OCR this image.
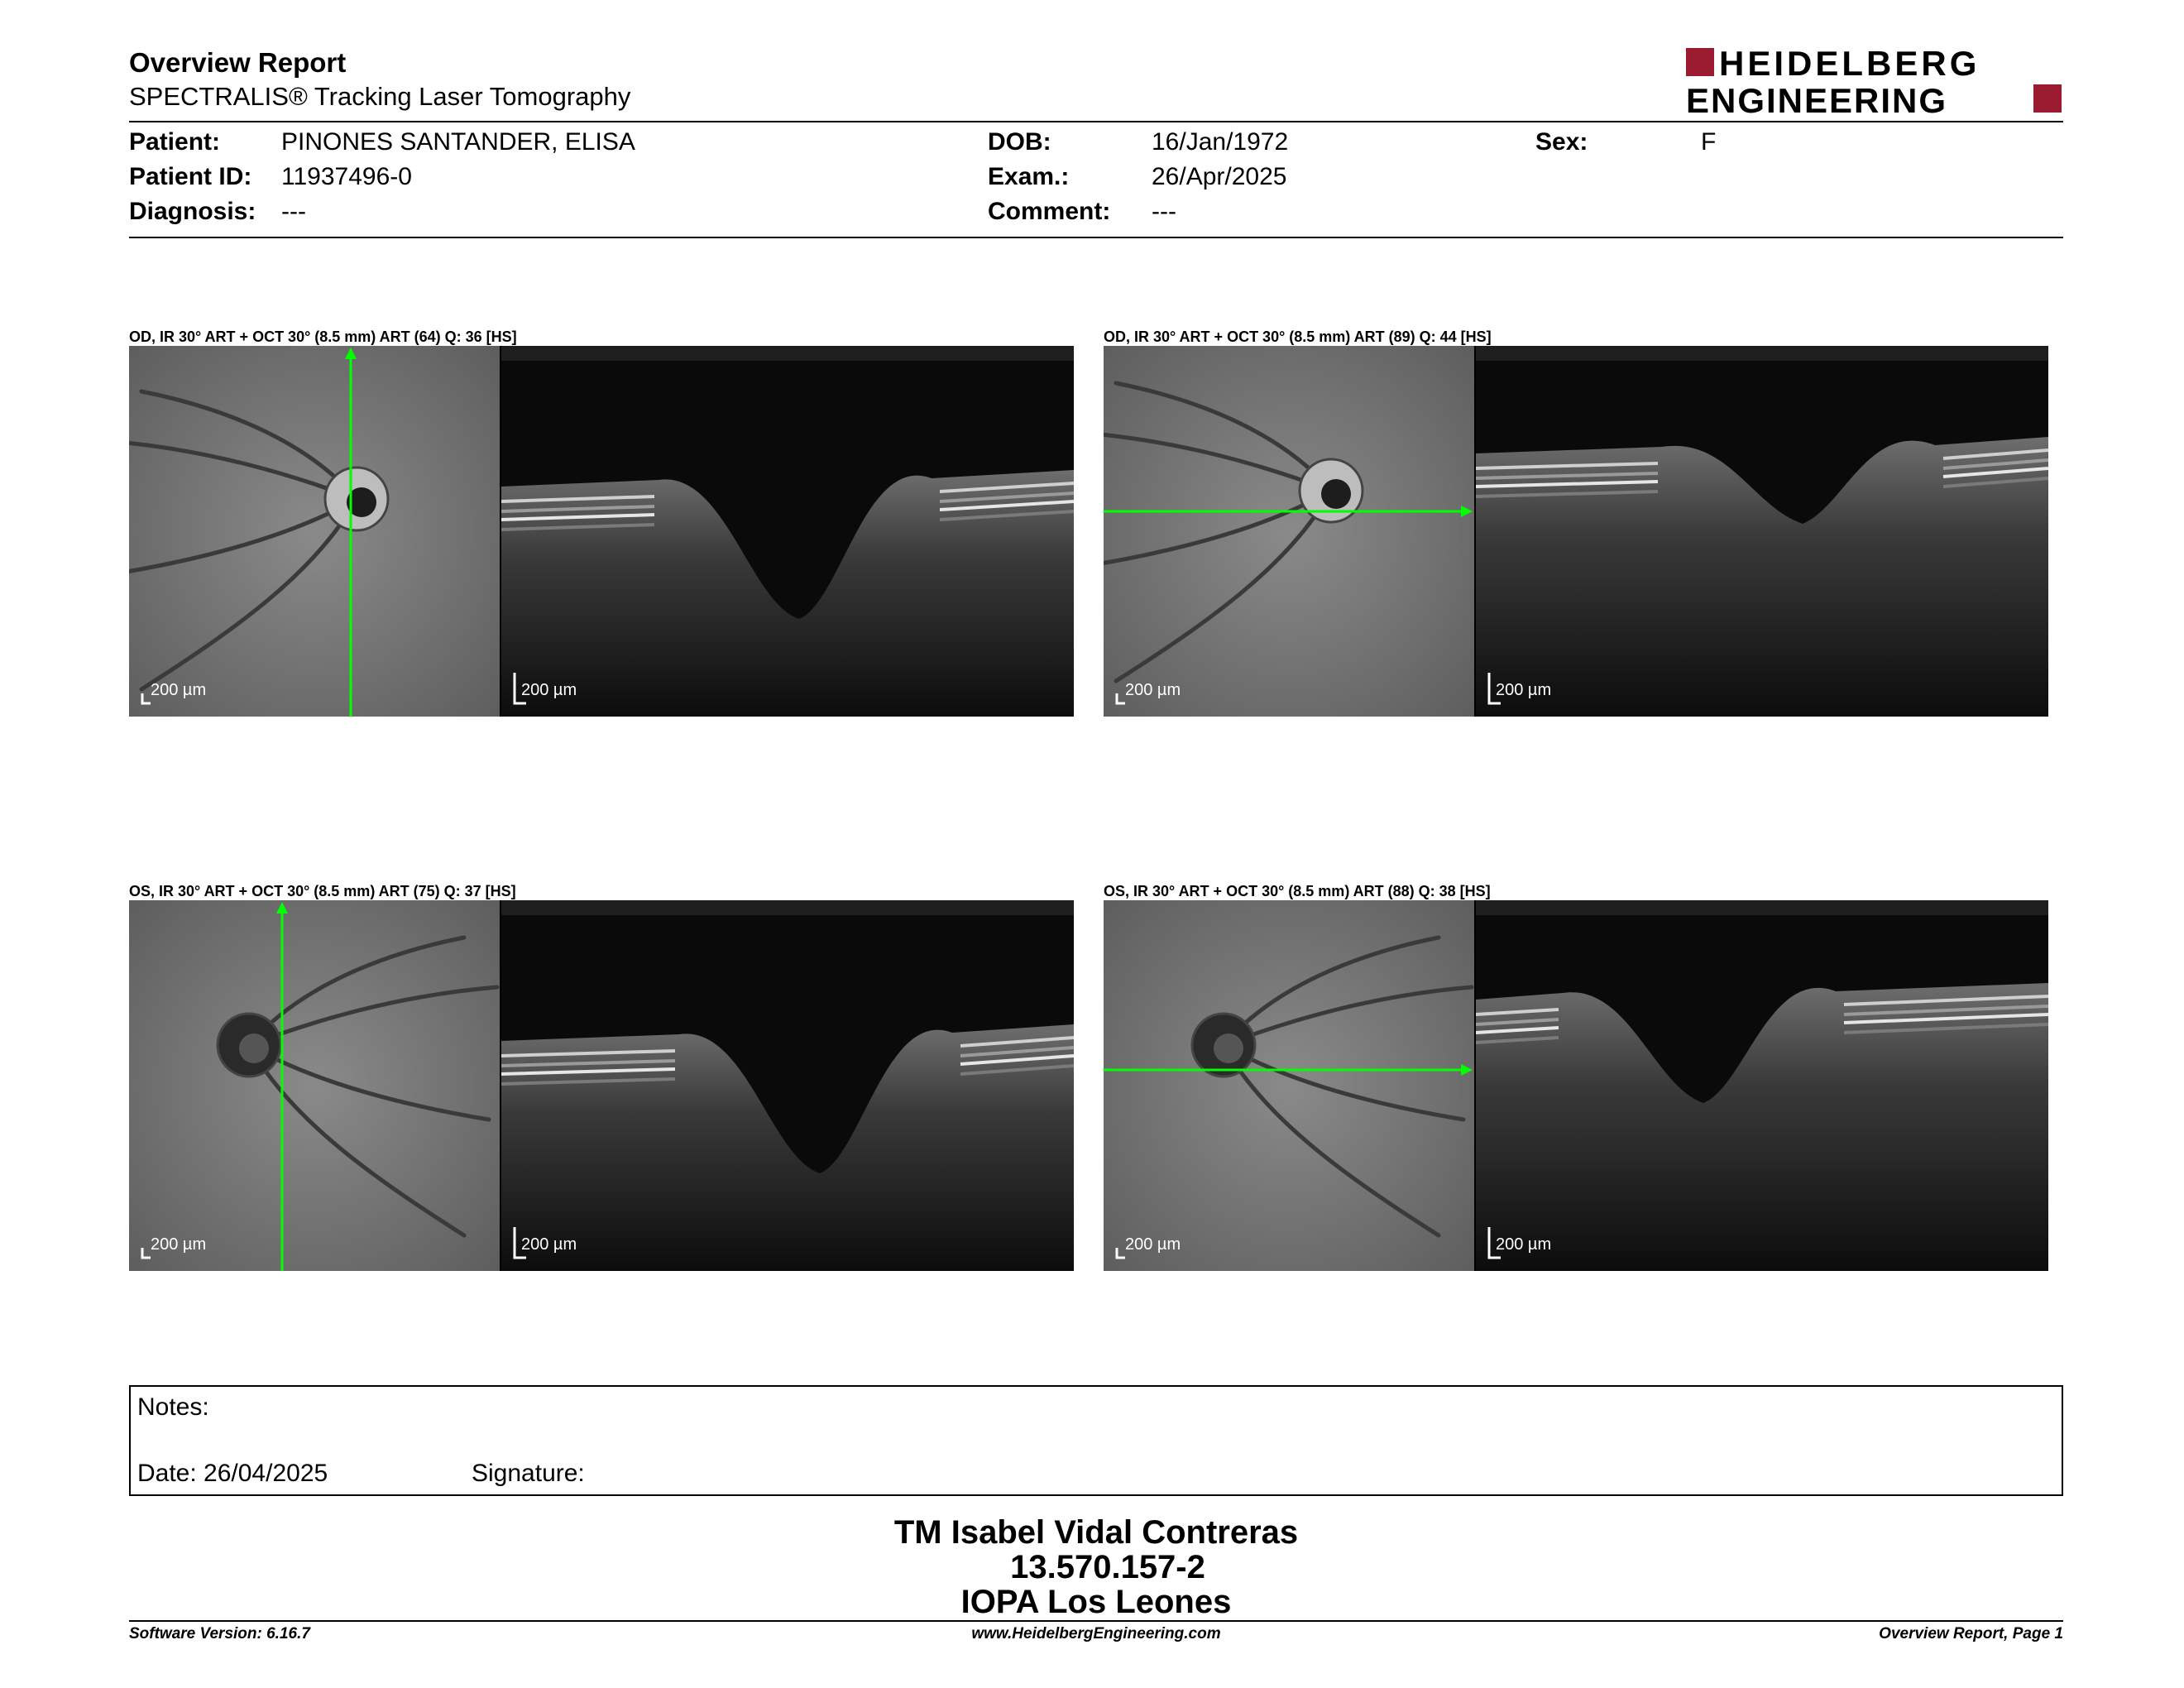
Overview Report
SPECTRALIS® Tracking Laser Tomography
HEIDELBERG
ENGINEERING
Patient: PINONES SANTANDER, ELISA
Patient ID: 11937496-0
Diagnosis: ---
DOB:	16/Jan/1972
Exam.:	26/Apr/2025
Comment: ---
Sex:	F
OD, IR 30° ART + OCT 30° (8.5 mm) ART (64) Q: 36 [HS]
200 µm	200 µm
OD, IR 30° ART + OCT 30° (8.5 mm) ART (89) Q: 44 [HS]
200 µm	200 µm
OS, IR 30° ART + OCT 30° (8.5 mm) ART (75) Q: 37 [HS]
200 µm	200 µm
OS, IR 30° ART + OCT 30° (8.5 mm) ART (88) Q: 38 [HS]
200 µm	200 µm
Notes:
Date: 26/04/2025	Signature:
TM Isabel Vidal Contreras
13.570.157-2
IOPA Los Leones
Software Version: 6.16.7	www.HeidelbergEngineering.com	Overview Report, Page 1
